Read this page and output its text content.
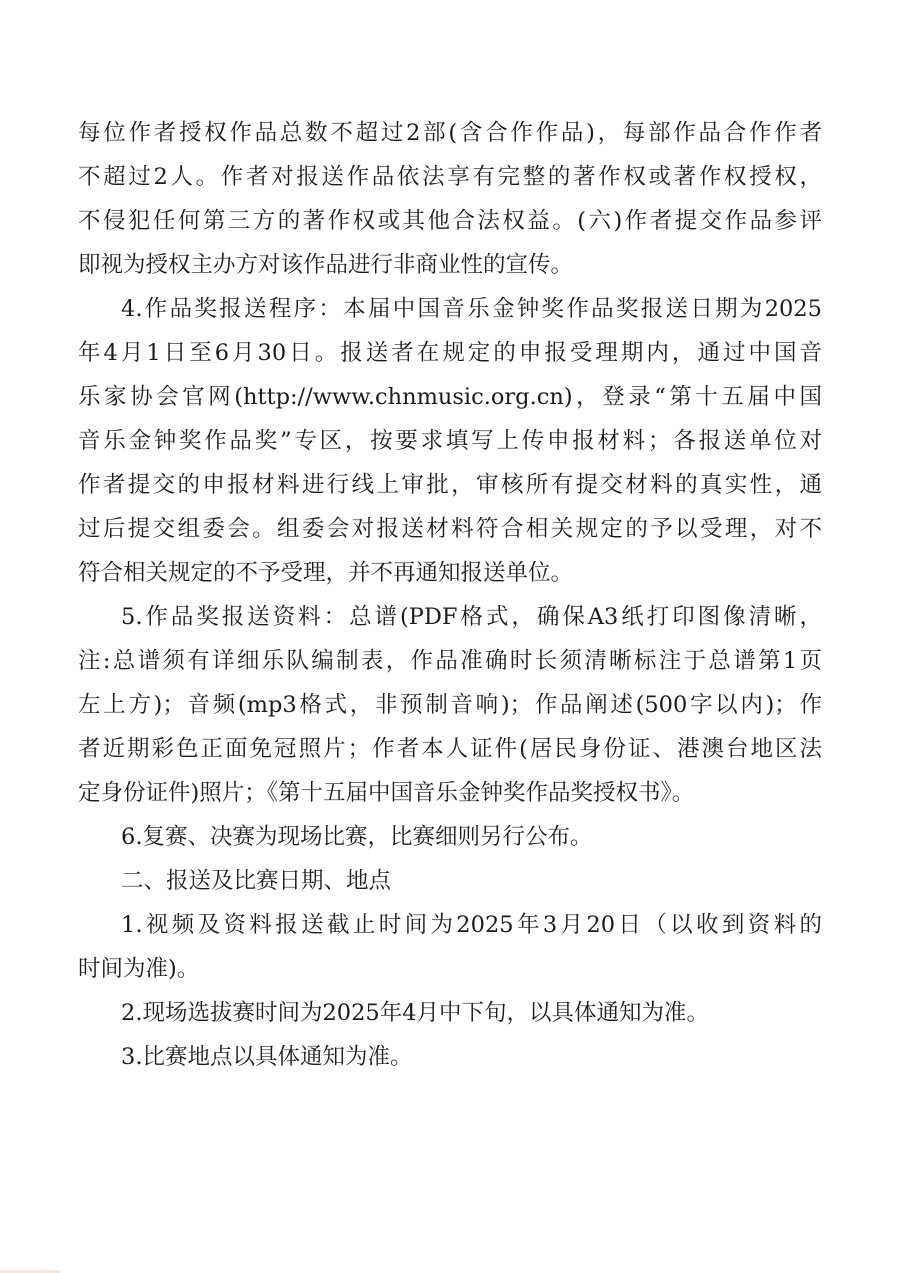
每位作者授权作品总数不超过2部(含合作作品)，每部作品合作作者
不超过2人。作者对报送作品依法享有完整的著作权或著作权授权，
不侵犯任何第三方的著作权或其他合法权益。(六)作者提交作品参评
即视为授权主办方对该作品进行非商业性的宣传。
4.作品奖报送程序：本届中国音乐金钟奖作品奖报送日期为2025
年4月1日至6月30日。报送者在规定的申报受理期内，通过中国音
乐家协会官网(http://www.chnmusic.org.cn)，登录“第十五届中国
音乐金钟奖作品奖”专区，按要求填写上传申报材料；各报送单位对
作者提交的申报材料进行线上审批，审核所有提交材料的真实性，通
过后提交组委会。组委会对报送材料符合相关规定的予以受理，对不
符合相关规定的不予受理，并不再通知报送单位。
5.作品奖报送资料：总谱(PDF格式，确保A3纸打印图像清晰，
注:总谱须有详细乐队编制表，作品准确时长须清晰标注于总谱第1页
左上方)；音频(mp3格式，非预制音响)；作品阐述(500字以内)；作
者近期彩色正面免冠照片；作者本人证件(居民身份证、港澳台地区法
定身份证件)照片；《第十五届中国音乐金钟奖作品奖授权书》。
6.复赛、决赛为现场比赛，比赛细则另行公布。
二、报送及比赛日期、地点
1.视频及资料报送截止时间为2025年3月20日（以收到资料的
时间为准)。
2.现场选拔赛时间为2025年4月中下旬，以具体通知为准。
3.比赛地点以具体通知为准。
